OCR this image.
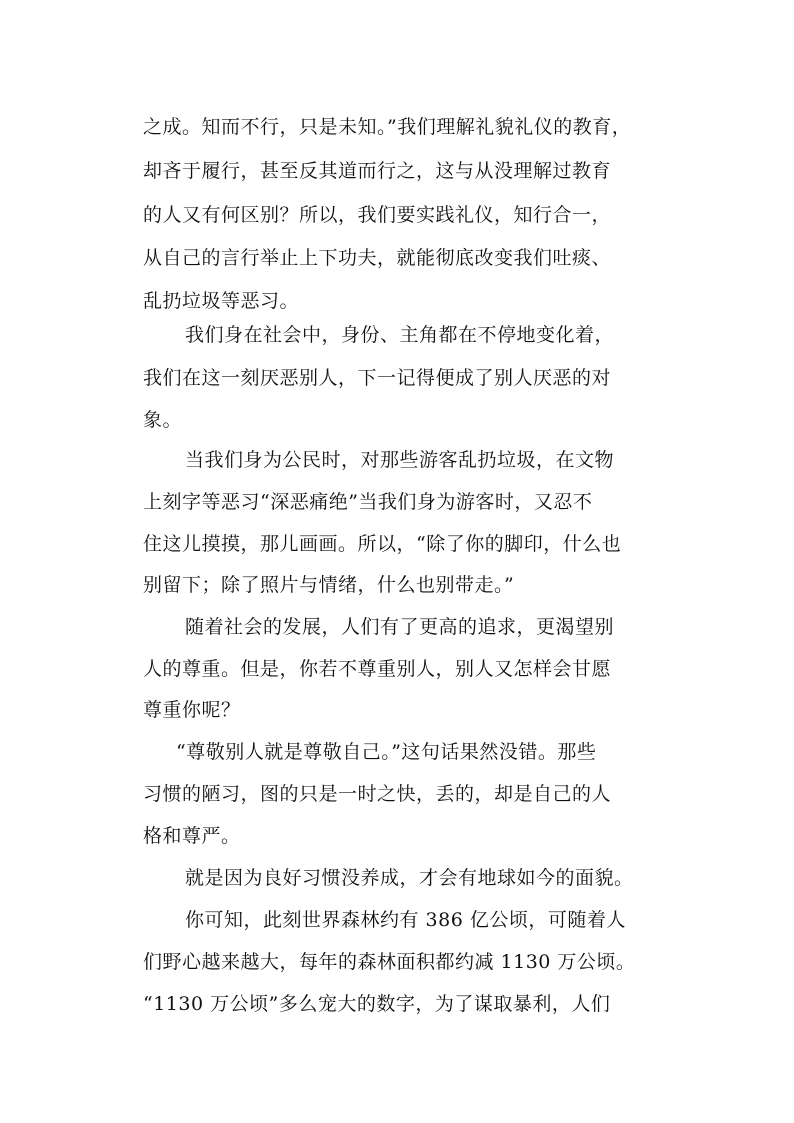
之成。知而不行，只是未知。”我们理解礼貌礼仪的教育，
却吝于履行，甚至反其道而行之，这与从没理解过教育
的人又有何区别？所以，我们要实践礼仪，知行合一，
从自己的言行举止上下功夫，就能彻底改变我们吐痰、
乱扔垃圾等恶习。
我们身在社会中，身份、主角都在不停地变化着，
我们在这一刻厌恶别人，下一记得便成了别人厌恶的对
象。
当我们身为公民时，对那些游客乱扔垃圾，在文物
上刻字等恶习“深恶痛绝”当我们身为游客时，又忍不
住这儿摸摸，那儿画画。所以，“除了你的脚印，什么也
别留下；除了照片与情绪，什么也别带走。”
随着社会的发展，人们有了更高的追求，更渴望别
人的尊重。但是，你若不尊重别人，别人又怎样会甘愿
尊重你呢？
“尊敬别人就是尊敬自己。”这句话果然没错。那些
习惯的陋习，图的只是一时之快，丢的，却是自己的人
格和尊严。
就是因为良好习惯没养成，才会有地球如今的面貌。
你可知，此刻世界森林约有 386 亿公顷，可随着人
们野心越来越大，每年的森林面积都约减 1130 万公顷。
“1130 万公顷”多么宠大的数字，为了谋取暴利，人们
